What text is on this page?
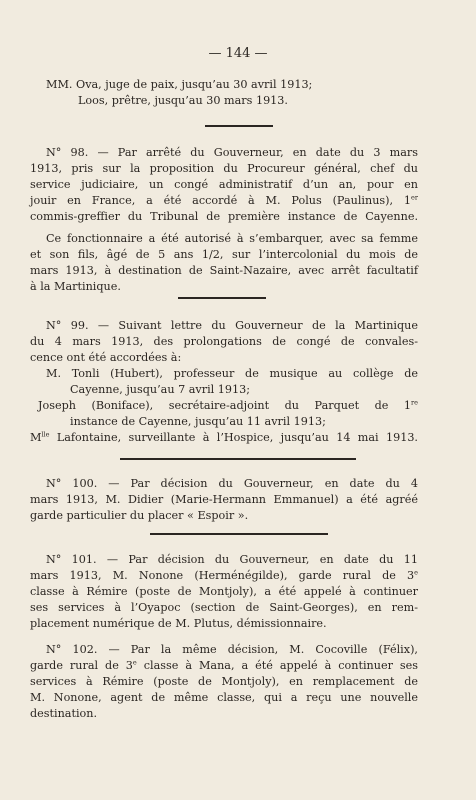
— 144 —
MM. Ova, juge de paix, jusqu’au 30 avril 1913;
Loos, prêtre, jusqu’au 30 mars 1913.
N° 98. — Par arrêté du Gouverneur, en date du 3 mars
1913, pris sur la proposition du Procureur général, chef du
service judiciaire, un congé administratif d’un an, pour en
jouir en France, a été accordé à M. Polus (Paulinus), 1er
commis-greffier du Tribunal de première instance de Cayenne.
Ce fonctionnaire a été autorisé à s’embarquer, avec sa femme
et son fils, âgé de 5 ans 1/2, sur l’intercolonial du mois de
mars 1913, à destination de Saint-Nazaire, avec arrêt facultatif
à la Martinique.
N° 99. — Suivant lettre du Gouverneur de la Martinique
du 4 mars 1913, des prolongations de congé de convales-
cence ont été accordées à:
M. Tonli (Hubert), professeur de musique au collège de
Cayenne, jusqu’au 7 avril 1913;
Joseph (Boniface), secrétaire-adjoint du Parquet de 1re
instance de Cayenne, jusqu’au 11 avril 1913;
$M^{lle}$ Lafontaine, surveillante à l’Hospice, jusqu’au 14 mai 1913.
N° 100. — Par décision du Gouverneur, en date du 4
mars 1913, M. Didier (Marie-Hermann Emmanuel) a été agréé
garde particulier du placer « Espoir ».
N° 101. — Par décision du Gouverneur, en date du 11
mars 1913, M. Nonone (Herménégilde), garde rural de 3e
classe à Rémire (poste de Montjoly), a été appelé à continuer
ses services à l’Oyapoc (section de Saint-Georges), en rem-
placement numérique de M. Plutus, démissionnaire.
N° 102. — Par la même décision, M. Cocoville (Félix),
garde rural de 3e classe à Mana, a été appelé à continuer ses
services à Rémire (poste de Montjoly), en remplacement de
M. Nonone, agent de même classe, qui a reçu une nouvelle
destination.
